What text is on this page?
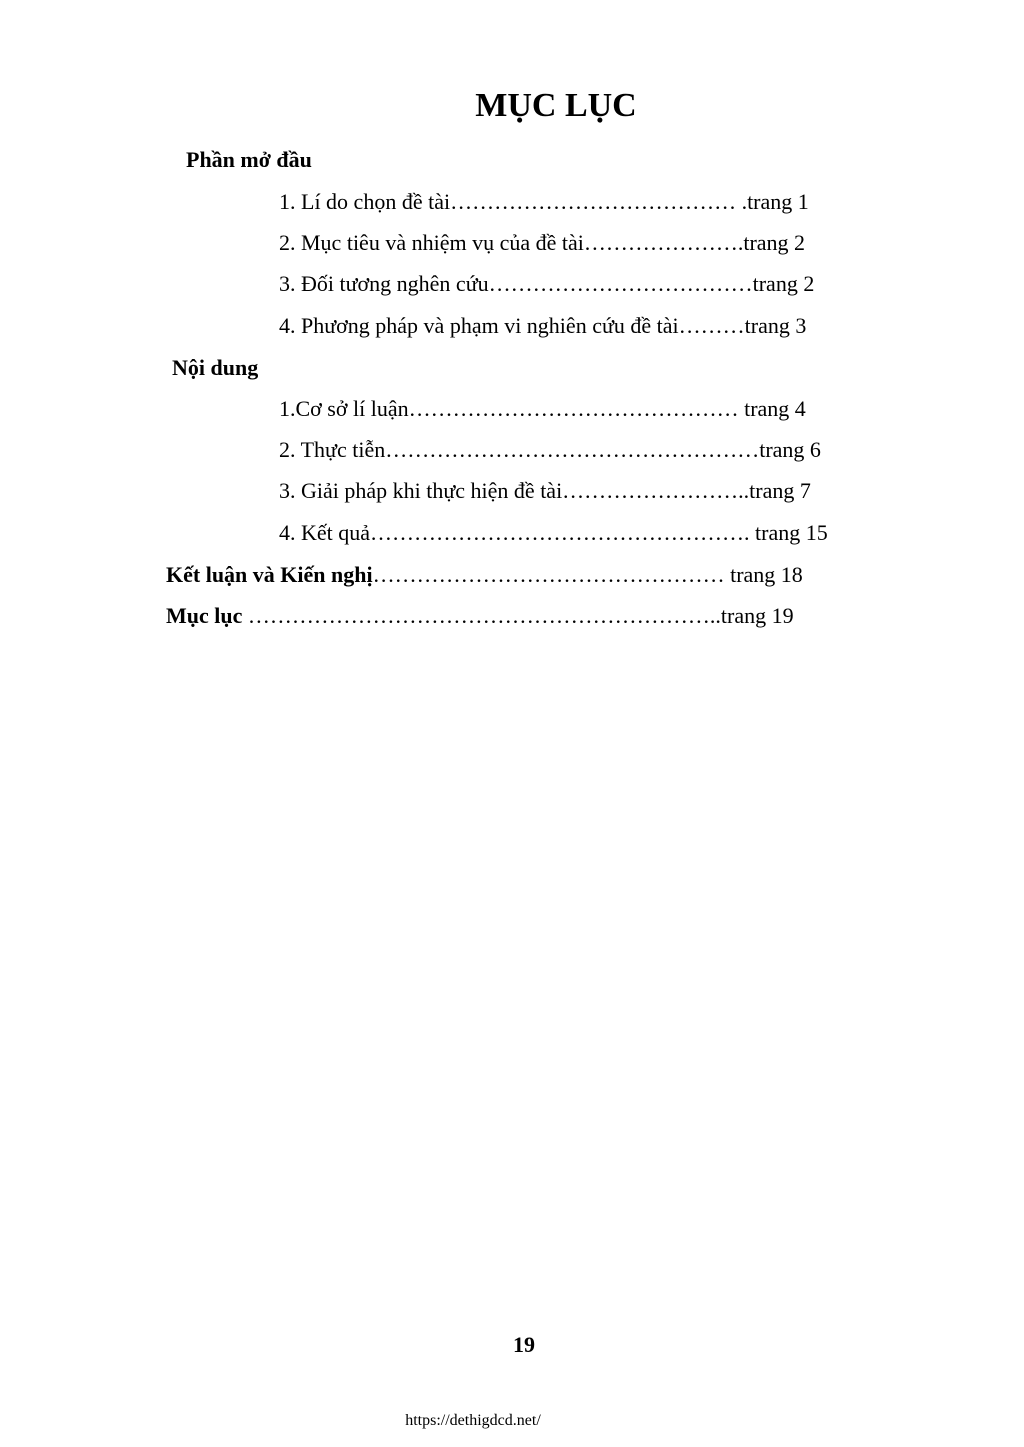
MỤC LỤC
Phần mở đầu
1. Lí do chọn đề tài………………………………… .trang 1
2. Mục tiêu và nhiệm vụ của đề tài………………….trang 2
3. Đối tương nghên cứu………………………………trang 2
4. Phương pháp và phạm vi nghiên cứu đề tài………trang 3
Nội dung
1.Cơ sở lí luận……………………………………… trang 4
2. Thực tiễn……………………………………………trang 6
3. Giải pháp khi thực hiện đề tài……………………..trang 7
4. Kết quả……………………………………………. trang 15
Kết luận và Kiến nghị………………………………………… trang 18
Mục lục ………………………………………………………..trang 19
19
https://dethigdcd.net/
